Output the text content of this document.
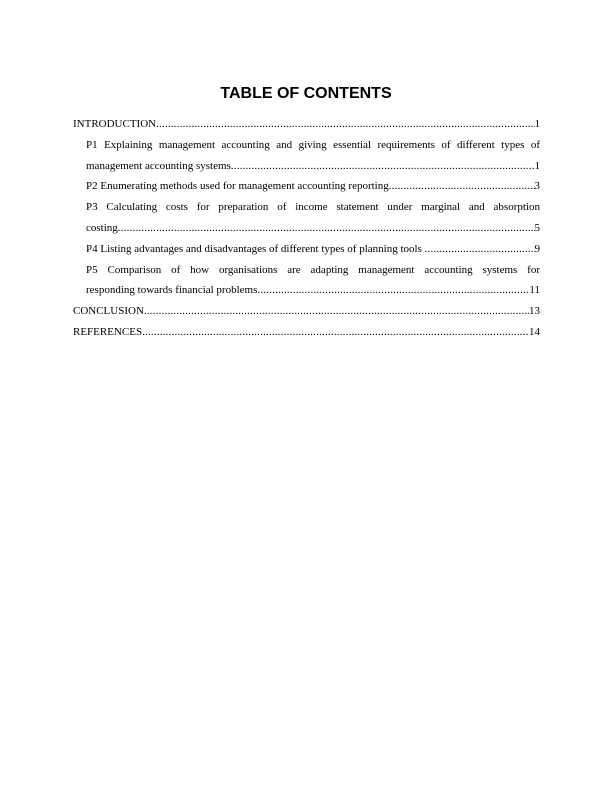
TABLE OF CONTENTS
INTRODUCTION .....	1
P1 Explaining management accounting and giving essential requirements of different types of
management accounting systems .....	1
P2 Enumerating methods used for management accounting reporting .....	3
P3 Calculating costs for preparation of income statement under marginal and absorption
costing .....	5
P4 Listing advantages and disadvantages of different types of planning tools .....	9
P5 Comparison of how organisations are adapting management accounting systems for
responding towards financial problems .....	11
CONCLUSION .....	13
REFERENCES .....	14
